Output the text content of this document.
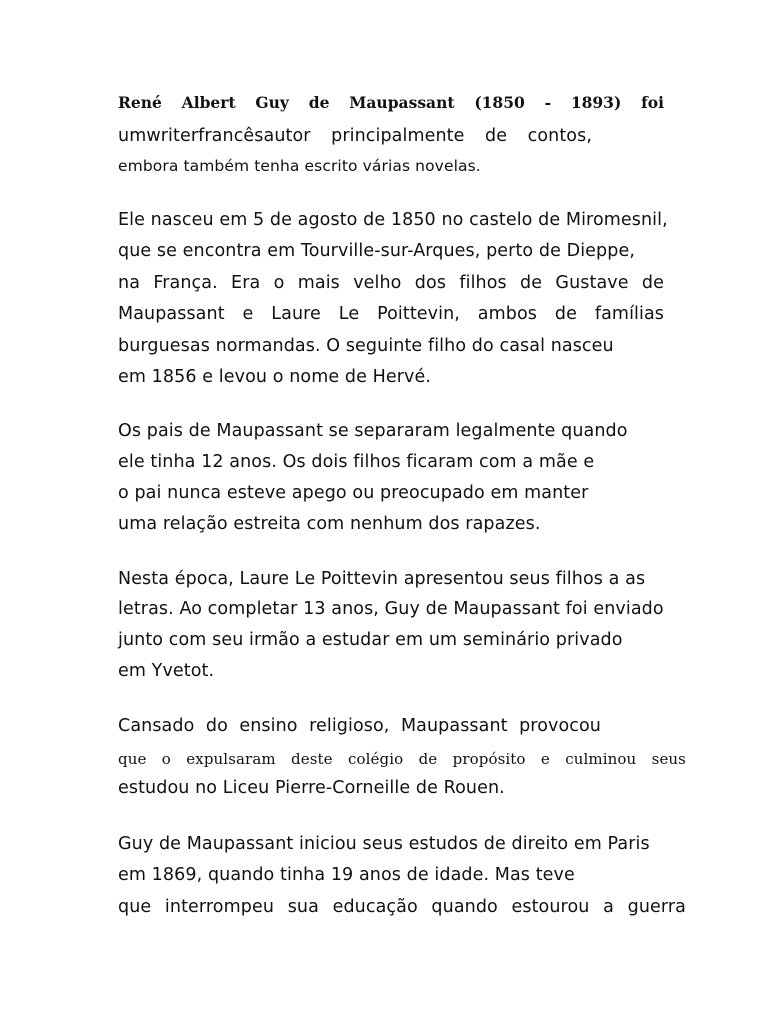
René Albert Guy de Maupassant (1850 - 1893) foi
umwriterfrancêsautor principalmente de contos,
embora também tenha escrito várias novelas.
Ele nasceu em 5 de agosto de 1850 no castelo de Miromesnil,
que se encontra em Tourville-sur-Arques, perto de Dieppe,
na França. Era o mais velho dos filhos de Gustave de
Maupassant e Laure Le Poittevin, ambos de famílias
burguesas normandas. O seguinte filho do casal nasceu
em 1856 e levou o nome de Hervé.
Os pais de Maupassant se separaram legalmente quando
ele tinha 12 anos. Os dois filhos ficaram com a mãe e
o pai nunca esteve apego ou preocupado em manter
uma relação estreita com nenhum dos rapazes.
Nesta época, Laure Le Poittevin apresentou seus filhos a as
letras. Ao completar 13 anos, Guy de Maupassant foi enviado
junto com seu irmão a estudar em um seminário privado
em Yvetot.
Cansado do ensino religioso, Maupassant provocou
que o expulsaram deste colégio de propósito e culminou seus
estudou no Liceu Pierre-Corneille de Rouen.
Guy de Maupassant iniciou seus estudos de direito em Paris
em 1869, quando tinha 19 anos de idade. Mas teve
que interrompeu sua educação quando estourou a guerra
